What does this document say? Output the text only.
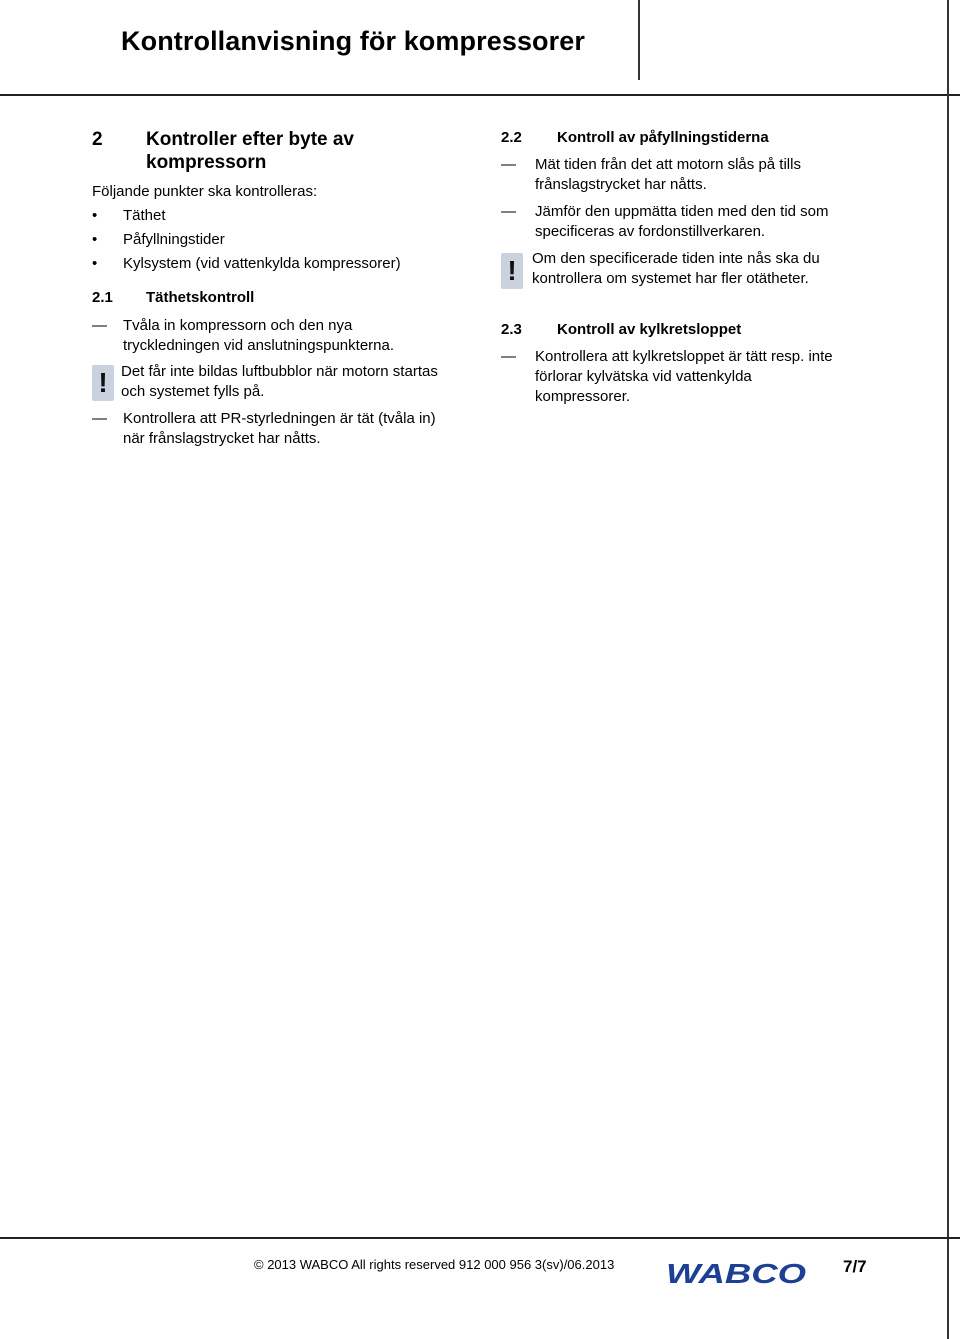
Kontrollanvisning för kompressorer
2 Kontroller efter byte av
kompressorn
Följande punkter ska kontrolleras:
• Täthet
• Påfyllningstider
• Kylsystem (vid vattenkylda kompressorer)
2.1 Täthetskontroll
— Tvåla in kompressorn och den nya
tryckledningen vid anslutningspunkterna.
! Det får inte bildas luftbubblor när motorn startas
och systemet fylls på.
— Kontrollera att PR-styrledningen är tät (tvåla in)
när frånslagstrycket har nåtts.
2.2 Kontroll av påfyllningstiderna
— Mät tiden från det att motorn slås på tills
frånslagstrycket har nåtts.
— Jämför den uppmätta tiden med den tid som
specificeras av fordonstillverkaren.
!	Om den specificerade tiden inte nås ska du
kontrollera om systemet har fler otätheter.
2.3 Kontroll av kylkretsloppet
— Kontrollera att kylkretsloppet är tätt resp. inte
förlorar kylvätska vid vattenkylda
kompressorer.
© 2013 WABCO All rights reserved 912 000 956 3(sv)/06.2013 WABCO 7/7
